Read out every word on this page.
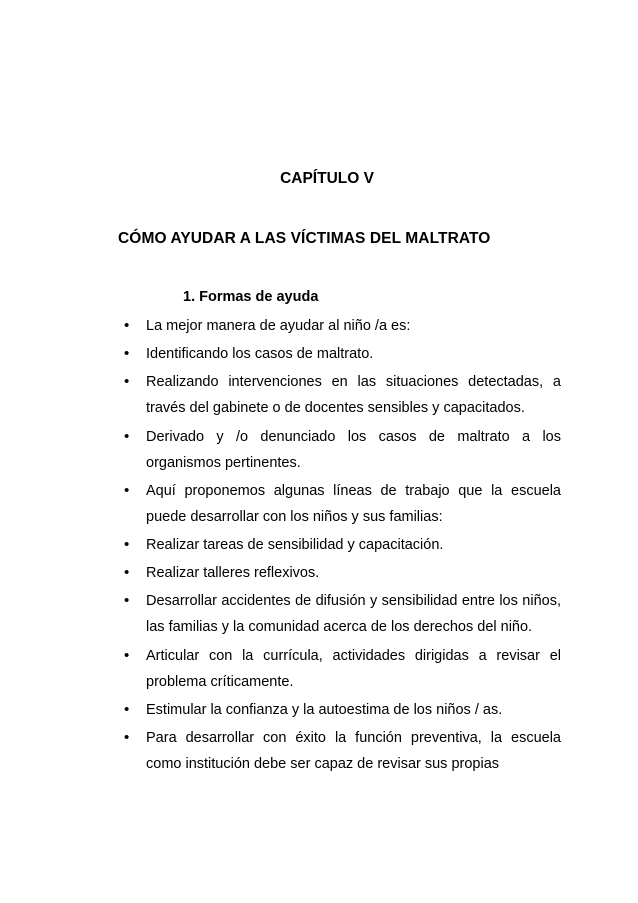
CAPÍTULO V
CÓMO AYUDAR A LAS VÍCTIMAS DEL MALTRATO
1. Formas de ayuda
• La mejor manera de ayudar al niño /a es:
• Identificando los casos de maltrato.
• Realizando intervenciones en las situaciones detectadas, a través del gabinete o de docentes sensibles y capacitados.
• Derivado y /o denunciado los casos de maltrato a los organismos pertinentes.
• Aquí proponemos algunas líneas de trabajo que la escuela puede desarrollar con los niños y sus familias:
• Realizar tareas de sensibilidad y capacitación.
• Realizar talleres reflexivos.
• Desarrollar accidentes de difusión y sensibilidad entre los niños, las familias y la comunidad acerca de los derechos del niño.
• Articular con la currícula, actividades dirigidas a revisar el problema críticamente.
• Estimular la confianza y la autoestima de los niños / as.
• Para desarrollar con éxito la función preventiva, la escuela como institución debe ser capaz de revisar sus propias
